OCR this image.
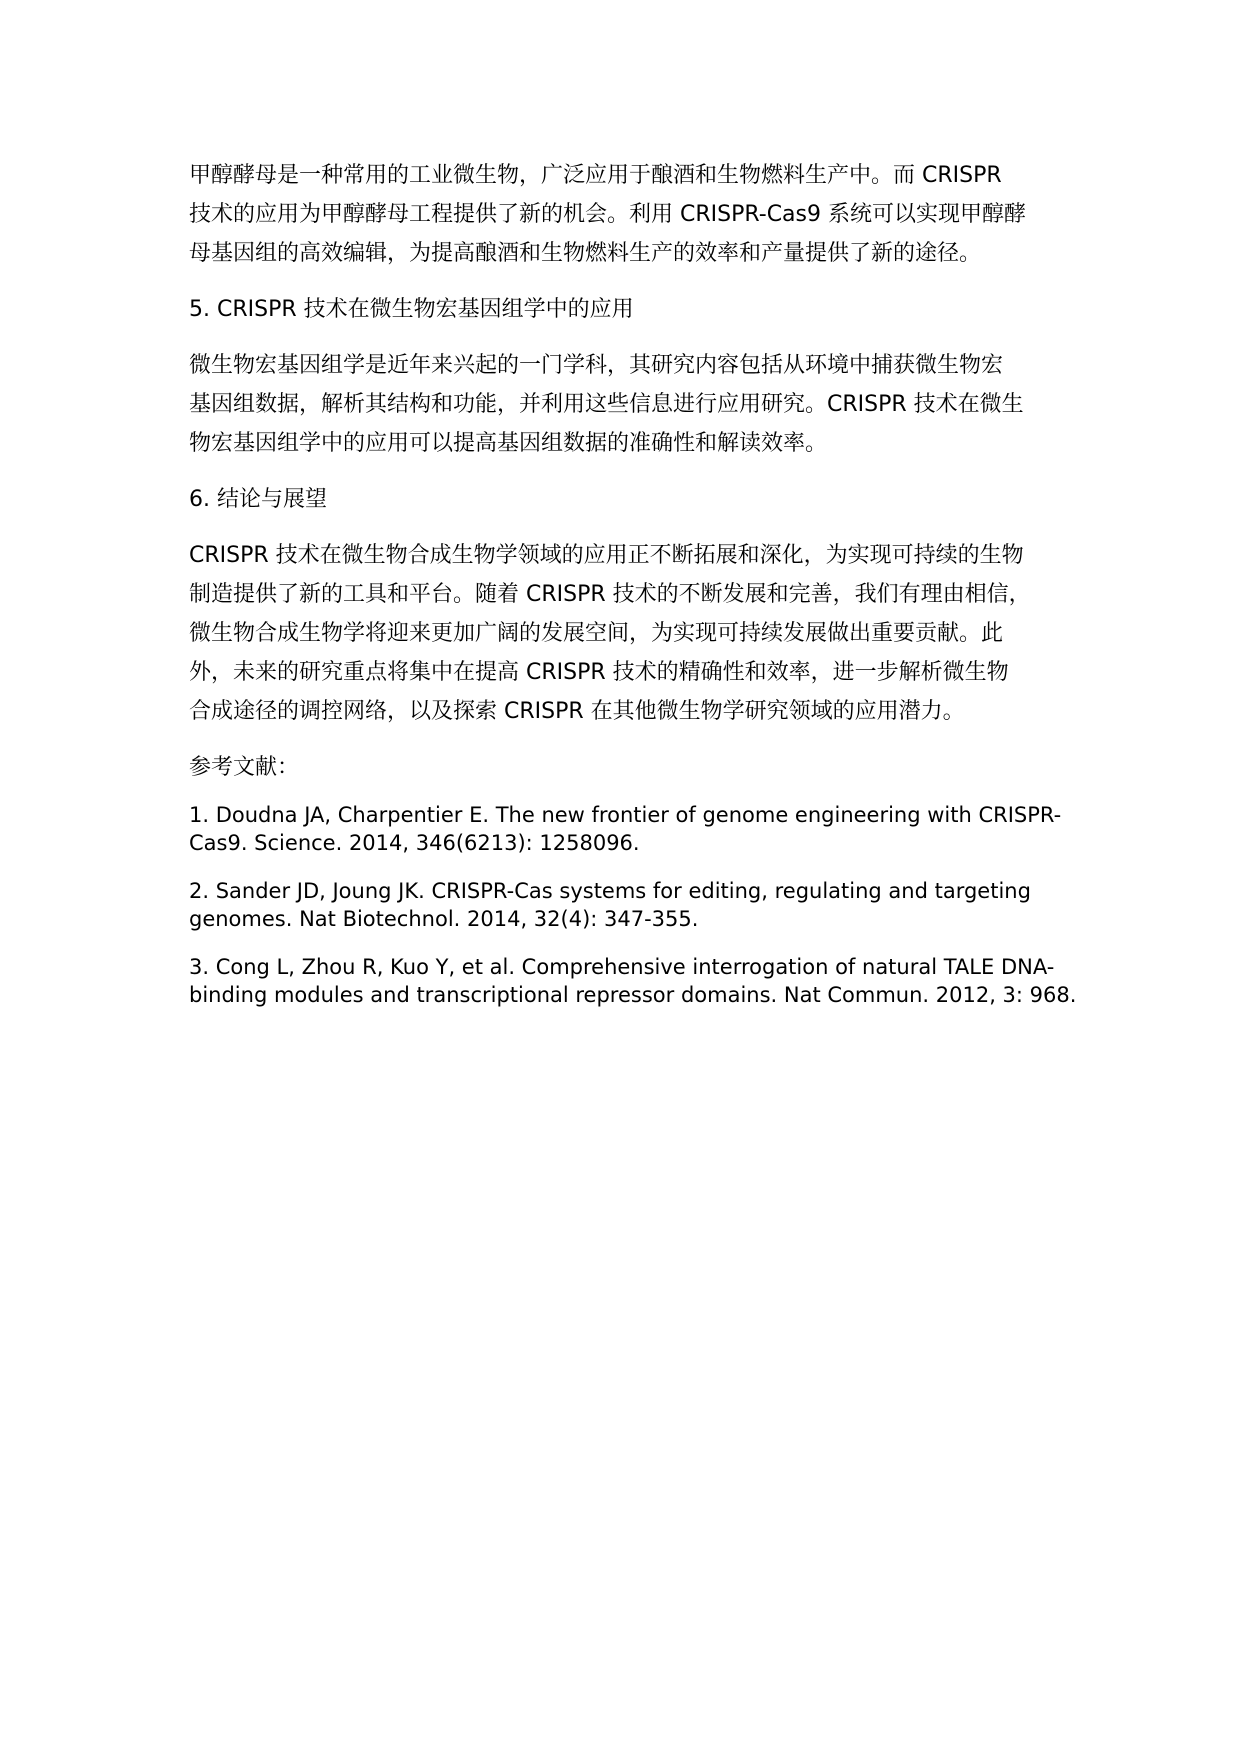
甲醇酵母是一种常用的工业微生物，广泛应用于酿酒和生物燃料生产中。而 CRISPR
技术的应用为甲醇酵母工程提供了新的机会。利用 CRISPR-Cas9 系统可以实现甲醇酵
母基因组的高效编辑，为提高酿酒和生物燃料生产的效率和产量提供了新的途径。

5. CRISPR 技术在微生物宏基因组学中的应用

微生物宏基因组学是近年来兴起的一门学科，其研究内容包括从环境中捕获微生物宏
基因组数据，解析其结构和功能，并利用这些信息进行应用研究。CRISPR 技术在微生
物宏基因组学中的应用可以提高基因组数据的准确性和解读效率。

6. 结论与展望

CRISPR 技术在微生物合成生物学领域的应用正不断拓展和深化，为实现可持续的生物
制造提供了新的工具和平台。随着 CRISPR 技术的不断发展和完善，我们有理由相信，
微生物合成生物学将迎来更加广阔的发展空间，为实现可持续发展做出重要贡献。此
外，未来的研究重点将集中在提高 CRISPR 技术的精确性和效率，进一步解析微生物
合成途径的调控网络，以及探索 CRISPR 在其他微生物学研究领域的应用潜力。

参考文献：

1. Doudna JA, Charpentier E. The new frontier of genome engineering with CRISPR-
Cas9. Science. 2014, 346(6213): 1258096.

2. Sander JD, Joung JK. CRISPR-Cas systems for editing, regulating and targeting
genomes. Nat Biotechnol. 2014, 32(4): 347-355.

3. Cong L, Zhou R, Kuo Y, et al. Comprehensive interrogation of natural TALE DNA-
binding modules and transcriptional repressor domains. Nat Commun. 2012, 3: 968.
